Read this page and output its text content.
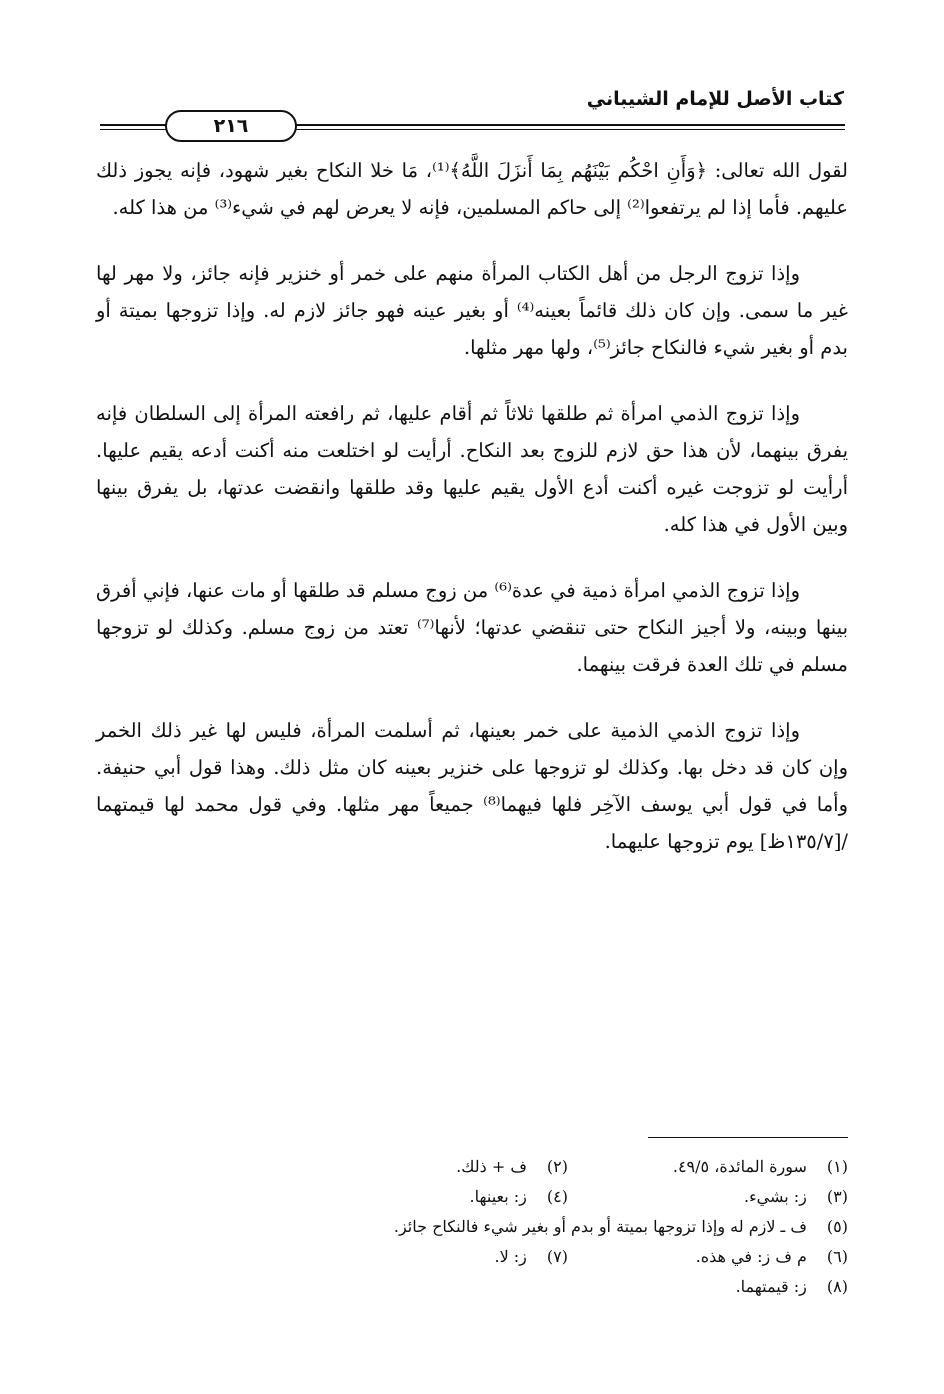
كتاب الأصل للإمام الشيباني
٢١٦

لقول الله تعالى: ﴿وَأَنِ احْكُم بَيْنَهُم بِمَا أَنزَلَ اللَّهُ﴾⁽¹⁾، مَا خلا النكاح بغير شهود، فإنه يجوز ذلك عليهم. فأما إذا لم يرتفعوا⁽²⁾ إلى حاكم المسلمين، فإنه لا يعرض لهم في شيء⁽³⁾ من هذا كله.

وإذا تزوج الرجل من أهل الكتاب المرأة منهم على خمر أو خنزير فإنه جائز، ولا مهر لها غير ما سمى. وإن كان ذلك قائماً بعينه⁽⁴⁾ أو بغير عينه فهو جائز لازم له. وإذا تزوجها بميتة أو بدم أو بغير شيء فالنكاح جائز⁽⁵⁾، ولها مهر مثلها.

وإذا تزوج الذمي امرأة ثم طلقها ثلاثاً ثم أقام عليها، ثم رافعته المرأة إلى السلطان فإنه يفرق بينهما، لأن هذا حق لازم للزوج بعد النكاح. أرأيت لو اختلعت منه أكنت أدعه يقيم عليها. أرأيت لو تزوجت غيره أكنت أدع الأول يقيم عليها وقد طلقها وانقضت عدتها، بل يفرق بينها وبين الأول في هذا كله.

وإذا تزوج الذمي امرأة ذمية في عدة⁽⁶⁾ من زوج مسلم قد طلقها أو مات عنها، فإني أفرق بينها وبينه، ولا أجيز النكاح حتى تنقضي عدتها؛ لأنها⁽⁷⁾ تعتد من زوج مسلم. وكذلك لو تزوجها مسلم في تلك العدة فرقت بينهما.

وإذا تزوج الذمي الذمية على خمر بعينها، ثم أسلمت المرأة، فليس لها غير ذلك الخمر وإن كان قد دخل بها. وكذلك لو تزوجها على خنزير بعينه كان مثل ذلك. وهذا قول أبي حنيفة. وأما في قول أبي يوسف الآخِر فلها فيهما⁽⁸⁾ جميعاً مهر مثلها. وفي قول محمد لها قيمتهما /[١٣٥/٧ظ] يوم تزوجها عليهما.

(١) سورة المائدة، ٤٩/٥.
(٢) ف + ذلك.
(٣) ز: بشيء.
(٤) ز: بعينها.
(٥) ف ـ لازم له وإذا تزوجها بميتة أو بدم أو بغير شيء فالنكاح جائز.
(٦) م ف ز: في هذه.
(٧) ز: لا.
(٨) ز: قيمتهما.
